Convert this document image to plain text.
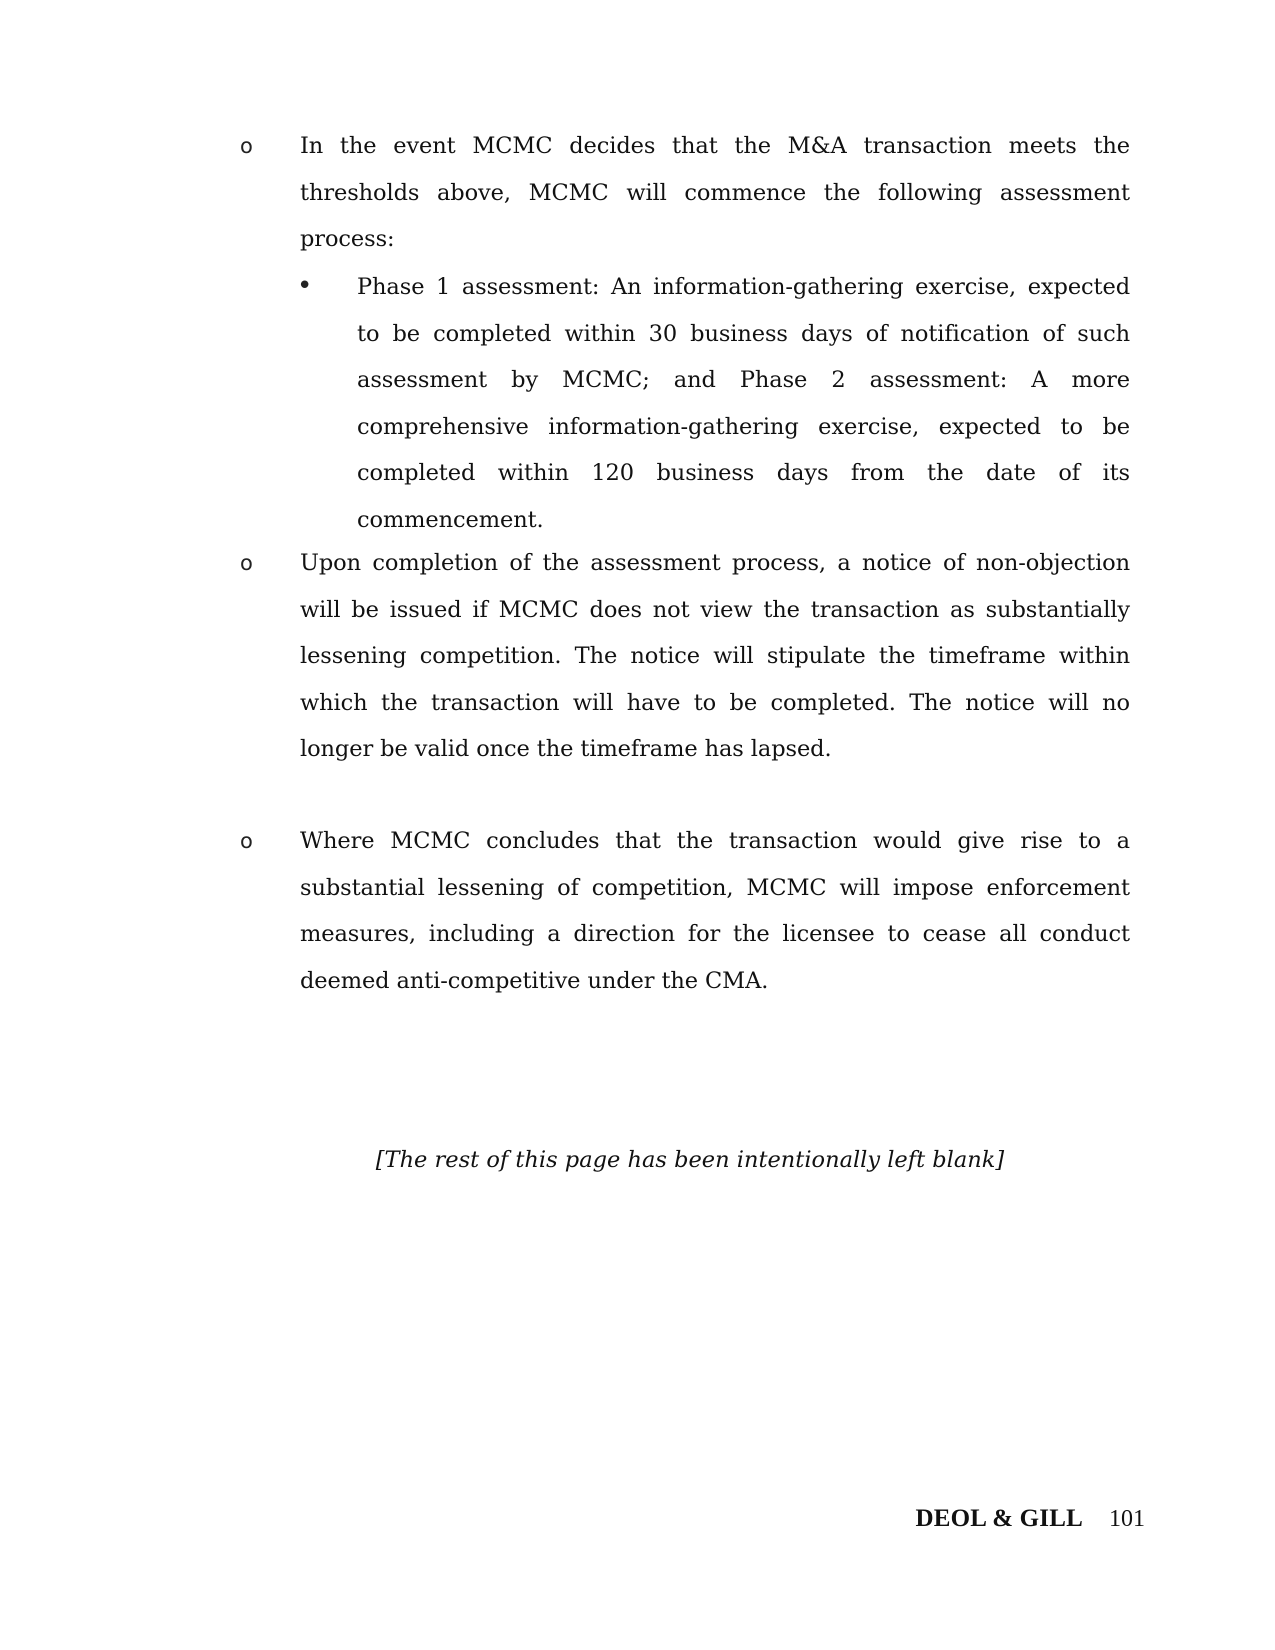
o	In the event MCMC decides that the M&A transaction meets the thresholds above, MCMC will commence the following assessment process:
•	Phase 1 assessment: An information-gathering exercise, expected to be completed within 30 business days of notification of such assessment by MCMC; and Phase 2 assessment: A more comprehensive information-gathering exercise, expected to be completed within 120 business days from the date of its commencement.
o	Upon completion of the assessment process, a notice of non-objection will be issued if MCMC does not view the transaction as substantially lessening competition. The notice will stipulate the timeframe within which the transaction will have to be completed. The notice will no longer be valid once the timeframe has lapsed.
o	Where MCMC concludes that the transaction would give rise to a substantial lessening of competition, MCMC will impose enforcement measures, including a direction for the licensee to cease all conduct deemed anti-competitive under the CMA.
[The rest of this page has been intentionally left blank]
DEOL & GILL 101
